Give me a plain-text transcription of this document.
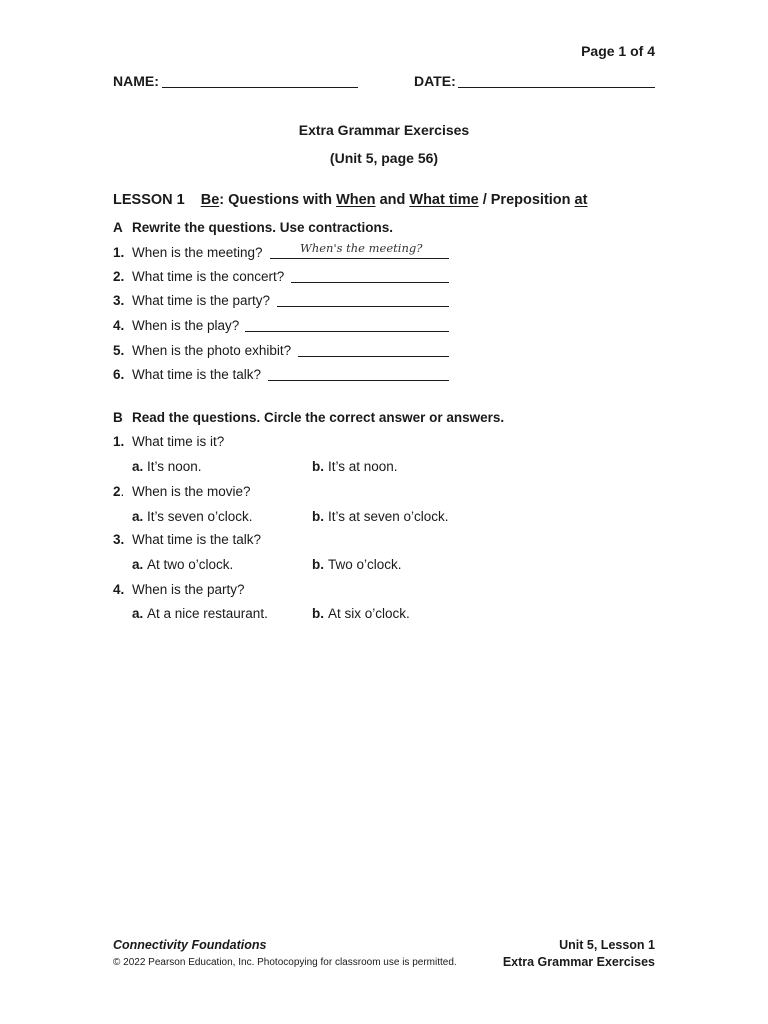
Page 1 of 4
NAME:	DATE:
Extra Grammar Exercises
(Unit 5, page 56)
LESSON 1 Be: Questions with When and What time / Preposition at
A Rewrite the questions. Use contractions.
1. When is the meeting?	When's the meeting?
2. What time is the concert?
3. What time is the party?
4. When is the play?
5. When is the photo exhibit?
6. What time is the talk?
B Read the questions. Circle the correct answer or answers.
1. What time is it?
a. It’s noon.	b. It’s at noon.
2. When is the movie?
a. It’s seven o’clock.	b. It’s at seven o’clock.
3. What time is the talk?
a. At two o’clock.	b. Two o’clock.
4. When is the party?
a. At a nice restaurant.	b. At six o’clock.
Connectivity Foundations
© 2022 Pearson Education, Inc. Photocopying for classroom use is permitted.
Unit 5, Lesson 1
Extra Grammar Exercises
